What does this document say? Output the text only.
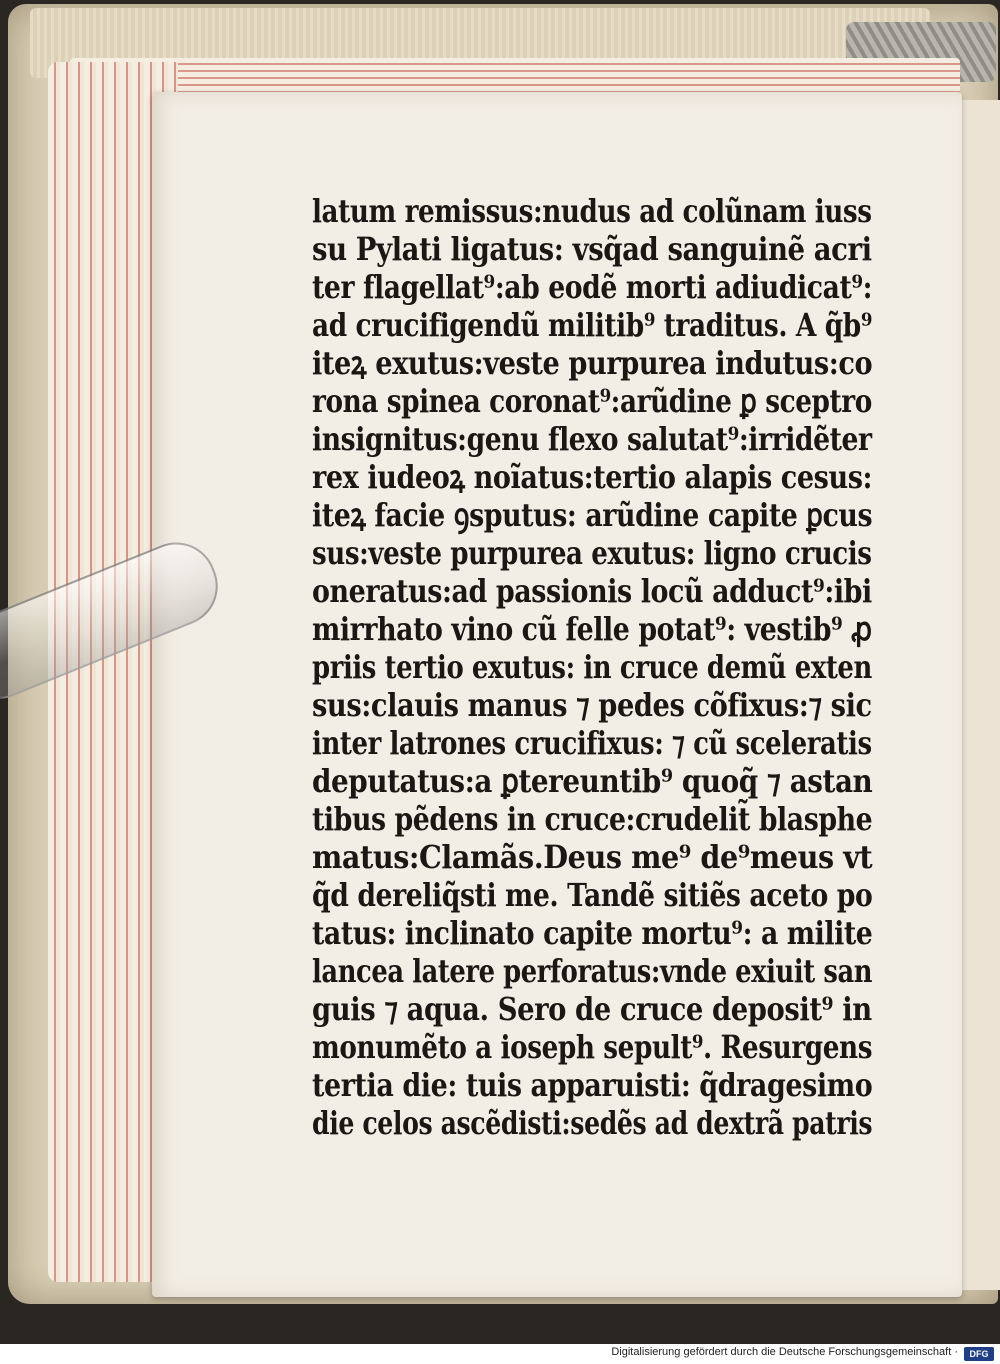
latum remissus:nudus ad colũnam iuss
su Pylati ligatus: vsq̃ad sanguinẽ acri
ter flagellat⁹:ab eodẽ morti adiudicat⁹:
ad crucifigendũ militib⁹ traditus. A q̃b⁹
iteꝝ exutus:veste purpurea indutus:co
rona spinea coronat⁹:arũdine ꝑ sceptro
insignitus:genu flexo salutat⁹:irridẽter
rex iudeoꝝ noĩatus:tertio alapis cesus:
iteꝝ facie ꝯsputus: arũdine capite ꝑcus
sus:veste purpurea exutus: ligno crucis
oneratus:ad passionis locũ adduct⁹:ibi
mirrhato vino cũ felle potat⁹: vestib⁹ ꝓ
priis tertio exutus: in cruce demũ exten
sus:clauis manus ⁊ pedes cõfixus:⁊ sic
inter latrones crucifixus: ⁊ cũ sceleratis
deputatus:a ꝑtereuntib⁹ quoq̃ ⁊ astan
tibus pẽdens in cruce:crudelit̃ blasphe
matus:Clamãs.Deus me⁹ de⁹meus vt
q̃d dereliq̃sti me. Tandẽ sitiẽs aceto po
tatus: inclinato capite mortu⁹: a milite
lancea latere perforatus:vnde exiuit san
guis ⁊ aqua. Sero de cruce deposit⁹ in
monumẽto a ioseph sepult⁹. Resurgens
tertia die: tuis apparuisti: q̃dragesimo
die celos ascẽdisti:sedẽs ad dextrã patris
Digitalisierung gefördert durch die Deutsche Forschungsgemeinschaft ·	DFG
